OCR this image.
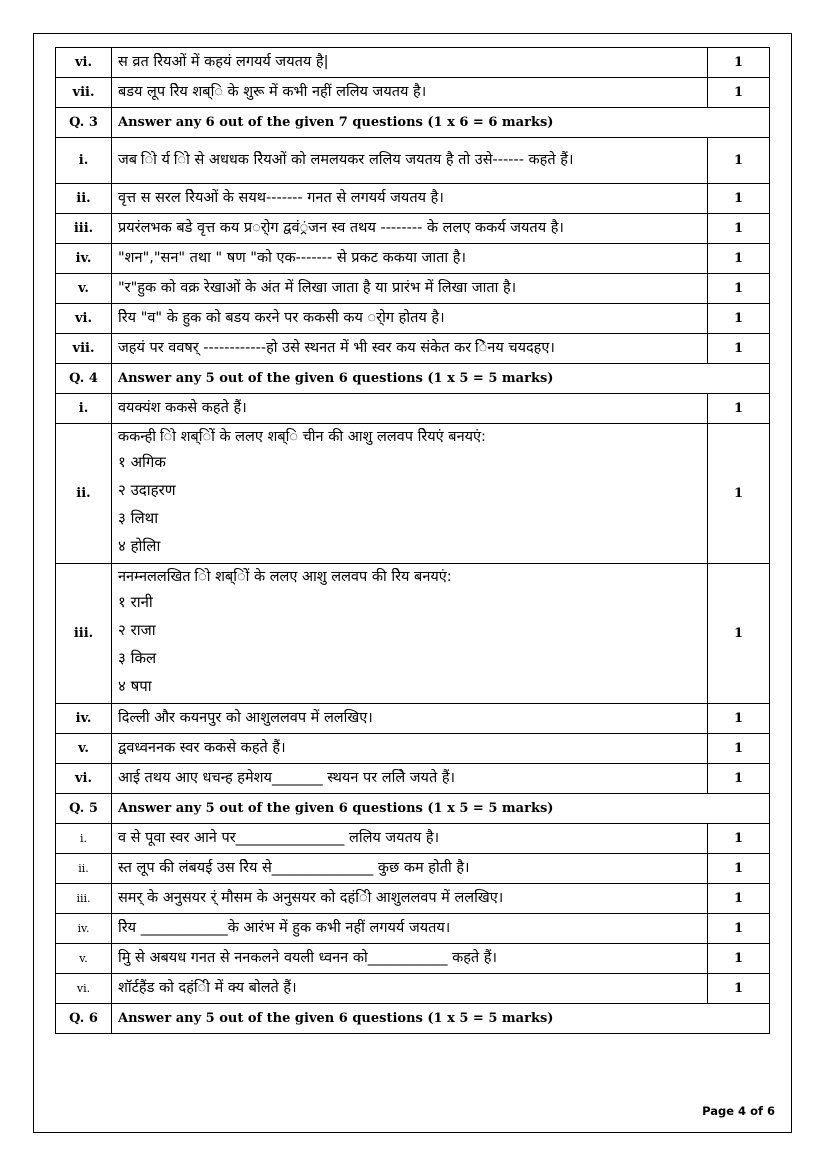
vi.	स व्रत रेिय‍ओं में कहयं लगयर्य जयतय है|	1
vii.	बडय लूप रेिय शब्ि के शुरू में कभी नहीं ललिय जयतय है।	1
Q. 3	Answer any 6 out of the given 7 questions (1 x 6 = 6 marks)	
i.	जब िो र्य िो से अधधक रेिय‍ओं को लमलयकर ललिय जयतय है तो उसे------ कहते हैं।	1
ii.	वृत्त स सरल रेिय‍ओं के सयथ------- गनत से लगयर्य जयतय है।	1
iii.	प्रयरंलभक बडे वृत्त कय प्रर्ोग द्ववं्रंजन स्व तथय -------- के ललए ककर्य जयतय है।	1
iv.	"शन","सन" तथा " षण "को एक------- से प्रकट ककया जाता है।	1
v.	"र"हुक को वक्र रेखाओं के अंत में लिखा जाता है या प्रारंभ में लिखा जाता है।	1
vi.	रेिय "व" के हुक को बडय करने पर ककसी कय र्ोग होतय है।	1
vii.	जहयं पर ववषर् ------------हो उसे स्थनत में भी स्वर कय संकेत कर िेनय चयदहए।	1
Q. 4	Answer any 5 out of the given 6 questions (1 x 5 = 5 marks)	
i.	वयक्यंश ककसे कहते हैं।	1
ii.	ककन्ही िो शब्िोें के ललए शब्ि चीन की आशु ललवप रेिय‍एं बनयएं:
१ अगिक
२ उदाहरण
३ लिथा
४ होलिा	1
iii.	ननम्नललखित िो शब्िोें के ललए आशु ललवप की रेिय बनयएं:
१ रानी
२ राजा
३ किल
४ षपा	1
iv.	दिल्ली और कयनपुर को आशुललवप में ललखिए।	1
v.	द्ववध्वननक स्वर ककसे कहते हैं।	1
vi.	आई तथय आए धचन्ह हमेशय_______ स्थयन पर ललिे जयते हैं।	1
Q. 5	Answer any 5 out of the given 6 questions (1 x 5 = 5 marks)	
i.	व से पूवा स्वर आने पर_______________ ललिय जयतय है।	1
ii.	स्त लूप की लंबयई उस रेिय से______________ कुछ कम होती है।	1
iii.	समर् के अनुसयर र्ं मौसम के अनुसयर को दहंिी आशुललवप में ललखिए।	1
iv.	रेिय ____________के आरंभ में हुक कभी नहीं लगयर्य जयतय।	1
v.	मुि से अबयध गनत से ननकलने वयली ध्वनन को___________ कहते हैं।	1
vi.	शॉर्टहैंड को दहंिी में क्य बोलते हैं।	1
Q. 6	Answer any 5 out of the given 6 questions (1 x 5 = 5 marks)	
Page 4 of 6
